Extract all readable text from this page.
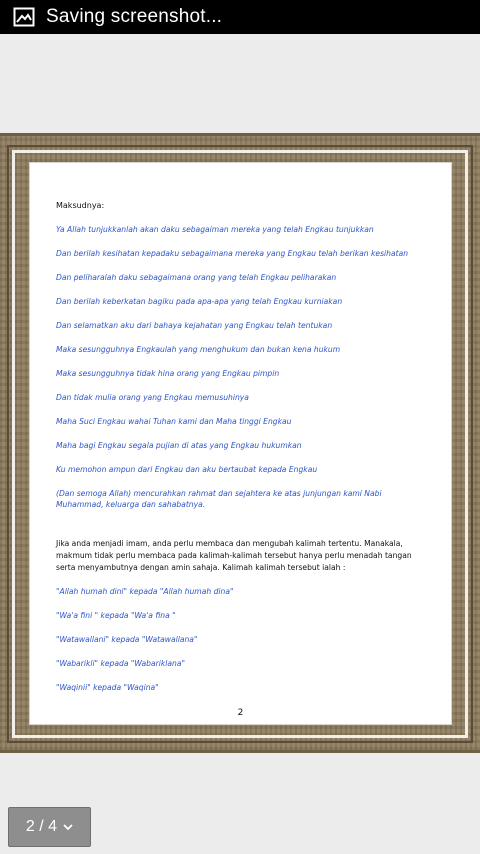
Saving screenshot...
Maksudnya:
Ya Allah tunjukkanlah akan daku sebagaiman mereka yang telah Engkau tunjukkan
Dan berilah kesihatan kepadaku sebagaimana mereka yang Engkau telah berikan kesihatan
Dan peliharalah daku sebagaimana orang yang telah Engkau peliharakan
Dan berilah keberkatan bagiku pada apa-apa yang telah Engkau kurniakan
Dan selamatkan aku dari bahaya kejahatan yang Engkau telah tentukan
Maka sesungguhnya Engkaulah yang menghukum dan bukan kena hukum
Maka sesungguhnya tidak hina orang yang Engkau pimpin
Dan tidak mulia orang yang Engkau memusuhinya
Maha Suci Engkau wahai Tuhan kami dan Maha tinggi Engkau
Maha bagi Engkau segala pujian di atas yang Engkau hukumkan
Ku memohon ampun dari Engkau dan aku bertaubat kepada Engkau
(Dan semoga Allah) mencurahkan rahmat dan sejahtera ke atas junjungan kami Nabi Muhammad, keluarga dan sahabatnya.
Jika anda menjadi imam, anda perlu membaca dan mengubah kalimah tertentu. Manakala, makmum tidak perlu membaca pada kalimah-kalimah tersebut hanya perlu menadah tangan serta menyambutnya dengan amin sahaja. Kalimah kalimah tersebut ialah :
"Allah humah dini" kepada "Allah humah dina"
"Wa'a fini " kepada "Wa'a fina "
"Watawallani" kepada "Watawallana"
"Wabarikli" kepada "Wabariklana"
"Waqinii" kepada "Waqina"
2
2 / 4
